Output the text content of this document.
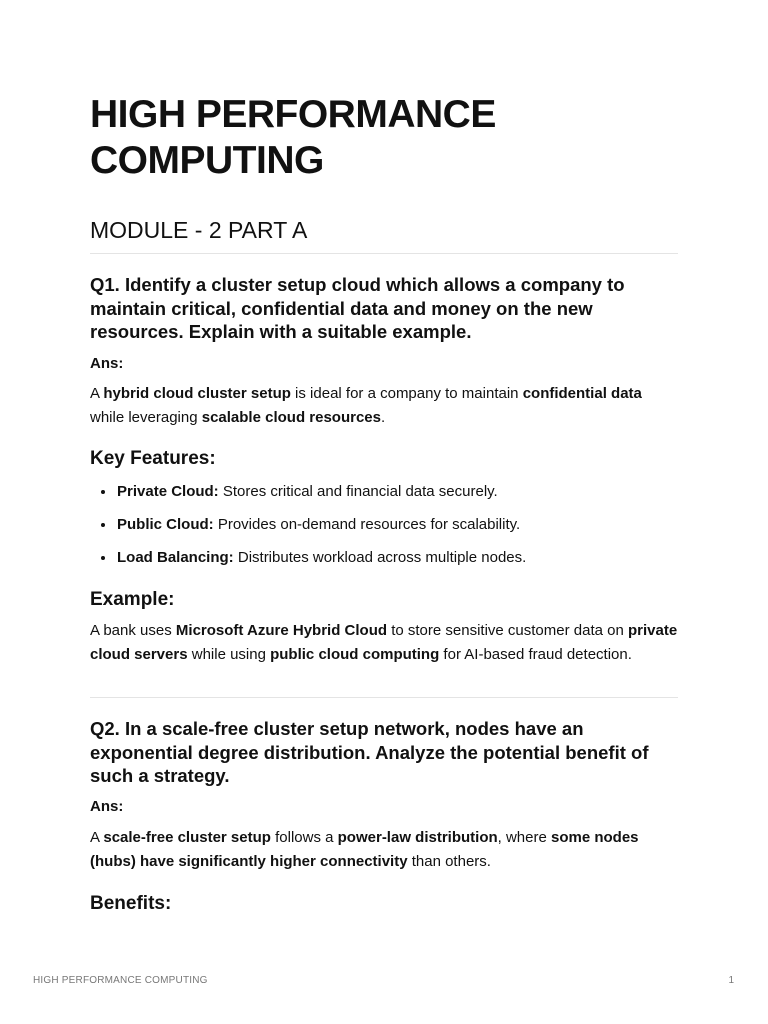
HIGH PERFORMANCE
COMPUTING
MODULE - 2 PART A

Q1. Identify a cluster setup cloud which allows a company to maintain critical, confidential data and money on the new resources. Explain with a suitable example.

Ans:

A hybrid cloud cluster setup is ideal for a company to maintain confidential data while leveraging scalable cloud resources.

Key Features:

Private Cloud: Stores critical and financial data securely.
Public Cloud: Provides on-demand resources for scalability.
Load Balancing: Distributes workload across multiple nodes.

Example:

A bank uses Microsoft Azure Hybrid Cloud to store sensitive customer data on private cloud servers while using public cloud computing for AI-based fraud detection.

Q2. In a scale-free cluster setup network, nodes have an exponential degree distribution. Analyze the potential benefit of such a strategy.

Ans:

A scale-free cluster setup follows a power-law distribution, where some nodes (hubs) have significantly higher connectivity than others.

Benefits:

HIGH PERFORMANCE COMPUTING	1
